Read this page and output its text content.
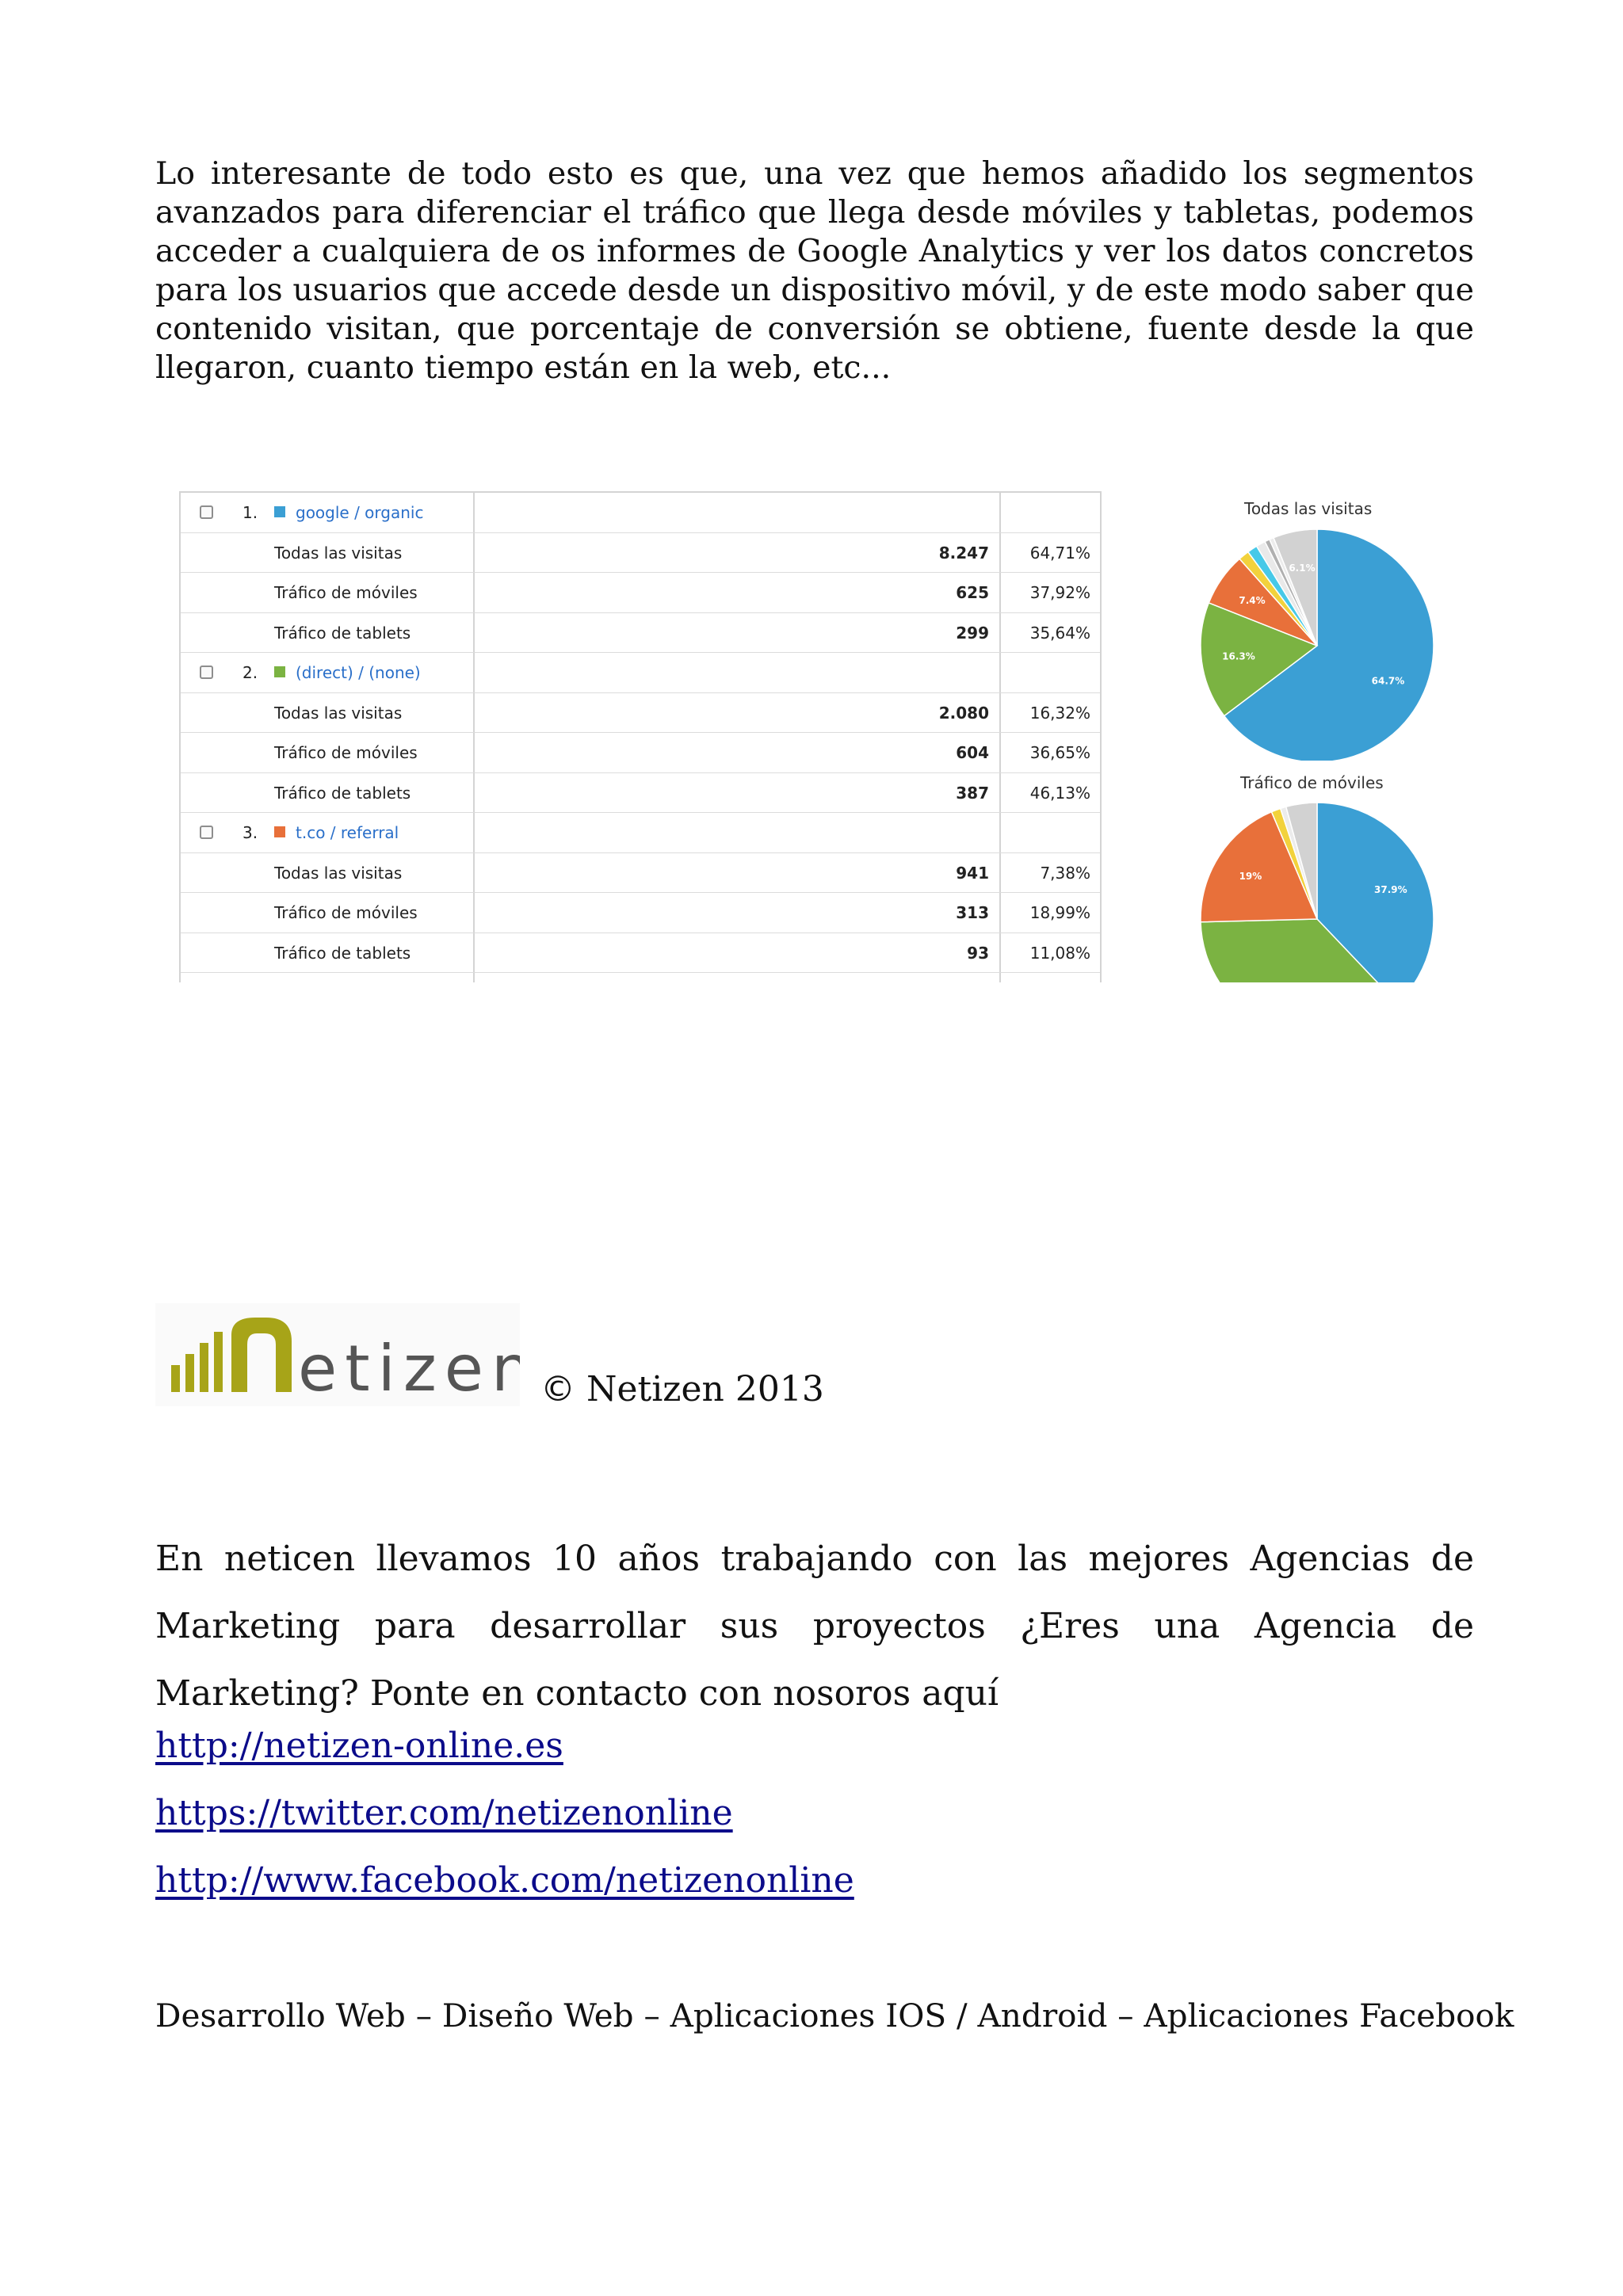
Lo interesante de todo esto es que, una vez que hemos añadido los segmentos avanzados para diferenciar el tráfico que llega desde móviles y tabletas, podemos acceder a cualquiera de os informes de Google Analytics y ver los datos concretos para los usuarios que accede desde un dispositivo móvil, y de este modo saber que contenido visitan, que porcentaje de conversión se obtiene, fuente desde la que llegaron, cuanto tiempo están en la web, etc...

1. google / organic
Todas las visitas	8.247	64,71%
Tráfico de móviles	625	37,92%
Tráfico de tablets	299	35,64%
2. (direct) / (none)
Todas las visitas	2.080	16,32%
Tráfico de móviles	604	36,65%
Tráfico de tablets	387	46,13%
3. t.co / referral
Todas las visitas	941	7,38%
Tráfico de móviles	313	18,99%
Tráfico de tablets	93	11,08%
Todas las visitas
64.7%
16.3%
7.4%
6.1%
Tráfico de móviles
37.9%
19%
etizen © Netizen 2013

En neticen llevamos 10 años trabajando con las mejores Agencias de Marketing para desarrollar sus proyectos ¿Eres una Agencia de Marketing? Ponte en contacto con nosoros aquí

http://netizen-online.es
https://twitter.com/netizenonline
http://www.facebook.com/netizenonline
Desarrollo Web – Diseño Web – Aplicaciones IOS / Android – Aplicaciones Facebook
